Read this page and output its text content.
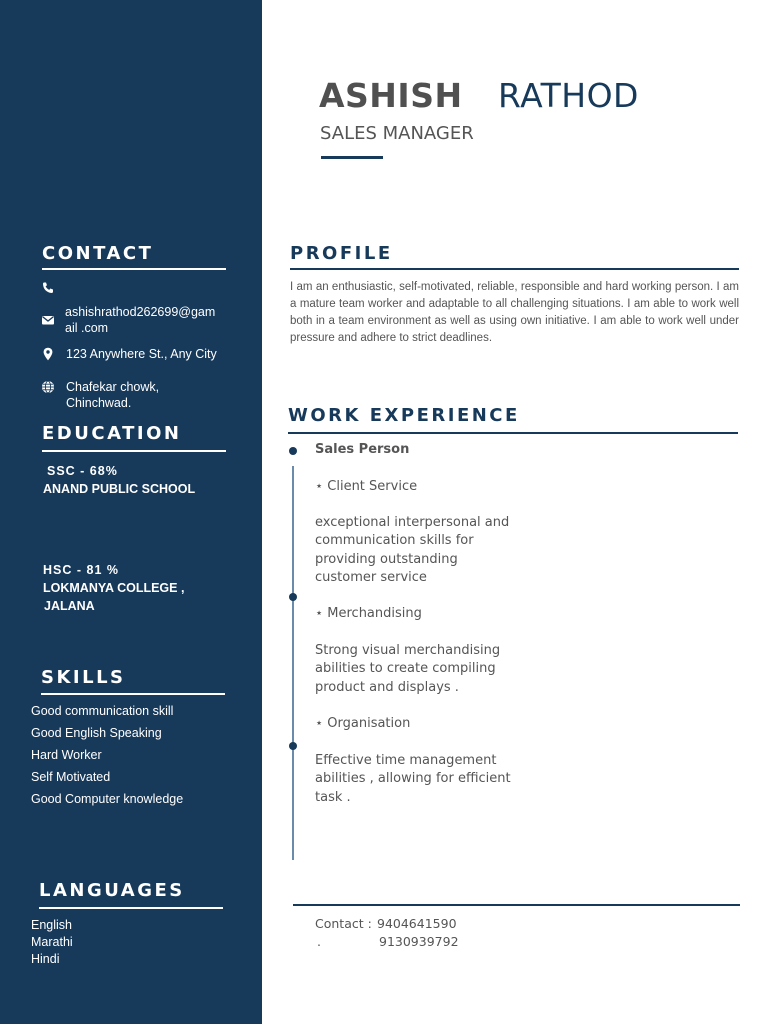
CONTACT
ashishrathod262699@gam
ail .com
123 Anywhere St., Any City
Chafekar chowk,
Chinchwad.
EDUCATION
SSC - 68%
ANAND PUBLIC SCHOOL
HSC - 81 %
LOKMANYA COLLEGE ,
JALANA
SKILLS
Good communication skill
Good English Speaking
Hard Worker
Self Motivated
Good Computer knowledge
LANGUAGES
English
Marathi
Hindi
ASHISH RATHOD
SALES MANAGER
PROFILE
I am an enthusiastic, self-motivated, reliable, responsible and hard working person. I am a mature team worker and adaptable to all challenging situations. I am able to work well both in a team environment as well as using own initiative. I am able to work well under pressure and adhere to strict deadlines.
WORK EXPERIENCE
Sales Person
⋆ Client Service
exceptional interpersonal and
communication skills for
providing outstanding
customer service
⋆ Merchandising
Strong visual merchandising
abilities to create compiling
product and displays .
⋆ Organisation
Effective time management
abilities , allowing for efficient
task .
Contact : 9404641590
.	9130939792
